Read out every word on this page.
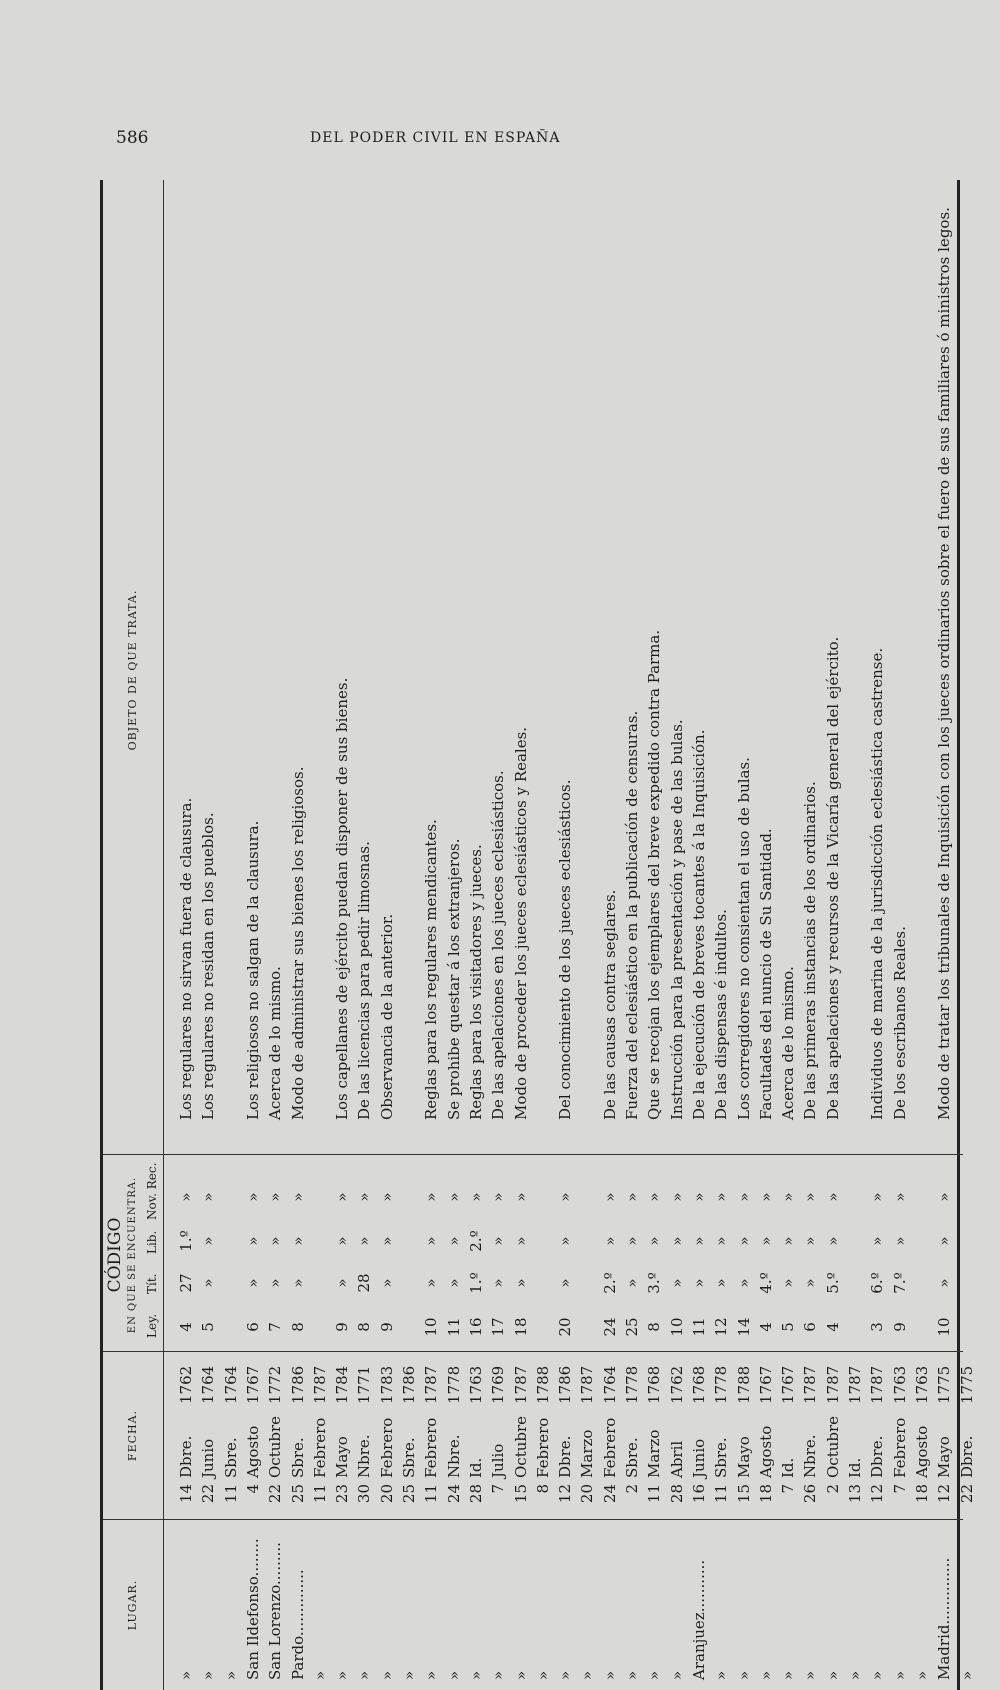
586	DEL PODER CIVIL EN ESPAÑA
LUGAR.
FECHA.
CÓDIGO EN QUE SE ENCUENTRA. Ley.
Tít.
Lib.
Nov. Rec.
OBJETO DE QUE TRATA.
»
14
Dbre.
1762
4
27
1.º
»
Los regulares no sirvan fuera de clausura.
»
22
Junio
1764
5
»
»
»
Los regulares no residan en los pueblos.
»
11
Sbre.
1764
San Ildefonso........
4
Agosto
1767
6
»
»
»
Los religiosos no salgan de la clausura.
San Lorenzo.........
22
Octubre
1772
7
»
»
»
Acerca de lo mismo.
Pardo..............
25
Sbre.
1786
8
»
»
»
Modo de administrar sus bienes los religiosos.
»
11
Febrero
1787
»
23
Mayo
1784
9
»
»
»
Los capellanes de ejército puedan disponer de sus bienes.
»
30
Nbre.
1771
8
28
»
»
De las licencias para pedir limosnas.
»
20
Febrero
1783
9
»
»
»
Observancia de la anterior.
»
25
Sbre.
1786
»
11
Febrero
1787
10
»
»
»
Reglas para los regulares mendicantes.
»
24
Nbre.
1778
11
»
»
»
Se prohibe questar á los extranjeros.
»
28
Id.
1763
16
1.º
2.º
»
Reglas para los visitadores y jueces.
»
7
Julio
1769
17
»
»
»
De las apelaciones en los jueces eclesiásticos.
»
15
Octubre
1787
18
»
»
»
Modo de proceder los jueces eclesiásticos y Reales.
»
8
Febrero
1788
»
12
Dbre.
1786
20
»
»
»
Del conocimiento de los jueces eclesiásticos.
»
20
Marzo
1787
»
24
Febrero
1764
24
2.º
»
»
De las causas contra seglares.
»
2
Sbre.
1778
25
»
»
»
Fuerza del eclesiástico en la publicación de censuras.
»
11
Marzo
1768
8
3.º
»
»
Que se recojan los ejemplares del breve expedido contra Parma.
»
28
Abril
1762
10
»
»
»
Instrucción para la presentación y pase de las bulas.
Aranjuez...........
16
Junio
1768
11
»
»
»
De la ejecución de breves tocantes á la Inquisición.
»
11
Sbre.
1778
12
»
»
»
De las dispensas é indultos.
»
15
Mayo
1788
14
»
»
»
Los corregidores no consientan el uso de bulas.
»
18
Agosto
1767
4
4.º
»
»
Facultades del nuncio de Su Santidad.
»
7
Id.
1767
5
»
»
»
Acerca de lo mismo.
»
26
Nbre.
1787
6
»
»
»
De las primeras instancias de los ordinarios.
»
2
Octubre
1787
4
5.º
»
»
De las apelaciones y recursos de la Vicaría general del ejército.
»
13
Id.
1787
»
12
Dbre.
1787
3
6.º
»
»
Individuos de marina de la jurisdicción eclesiástica castrense.
»
7
Febrero
1763
9
7.º
»
»
De los escribanos Reales.
»
18
Agosto
1763
Madrid..............
12
Mayo
1775
10
»
»
»
Modo de tratar los tribunales de Inquisición con los jueces ordinarios sobre el fuero de sus familiares ó ministros legos.
»
22
Dbre.
1775
